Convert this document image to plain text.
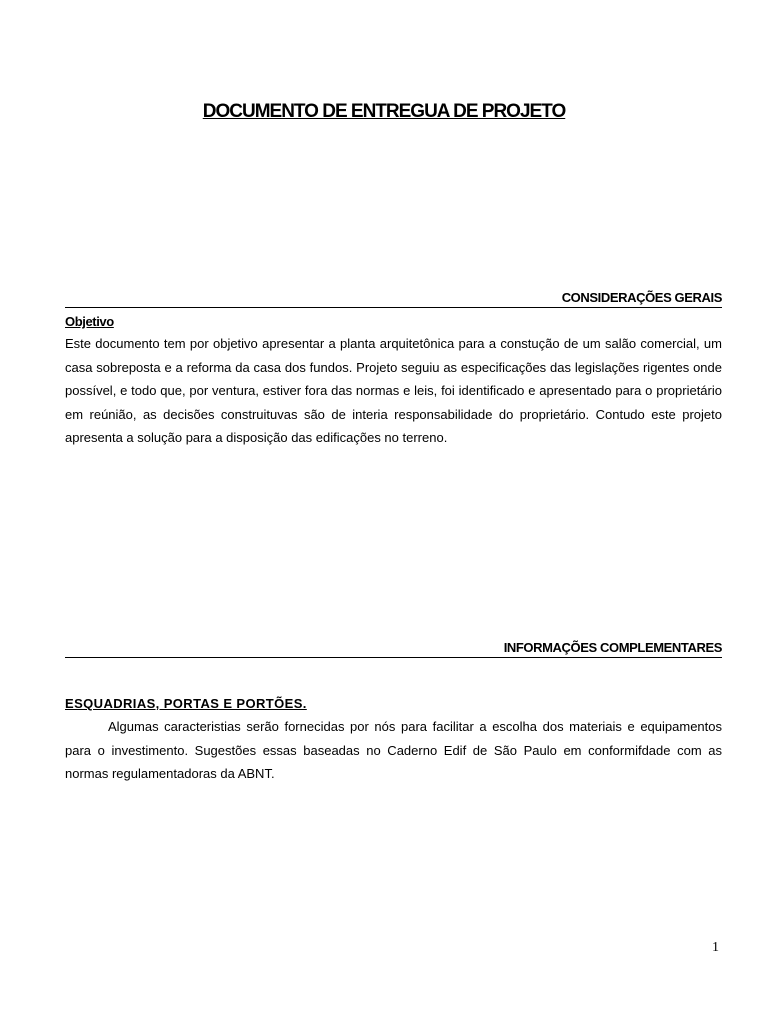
DOCUMENTO DE ENTREGUA DE PROJETO
CONSIDERAÇÕES GERAIS
Objetivo

Este documento tem por objetivo apresentar a planta arquitetônica para a constução de um salão comercial, um casa sobreposta e a reforma da casa dos fundos. Projeto seguiu as especificações das legislações rigentes onde possível, e todo que, por ventura, estiver fora das normas e leis, foi identificado e apresentado para o proprietário em reúnião, as decisões construituvas são de interia responsabilidade do proprietário. Contudo este projeto apresenta a solução para a disposição das edificações no terreno.

INFORMAÇÕES COMPLEMENTARES
ESQUADRIAS, PORTAS E PORTÕES.

Algumas caracteristias serão fornecidas por nós para facilitar a escolha dos materiais e equipamentos para o investimento. Sugestões essas baseadas no Caderno Edif de São Paulo em conformifdade com as normas regulamentadoras da ABNT.

1
